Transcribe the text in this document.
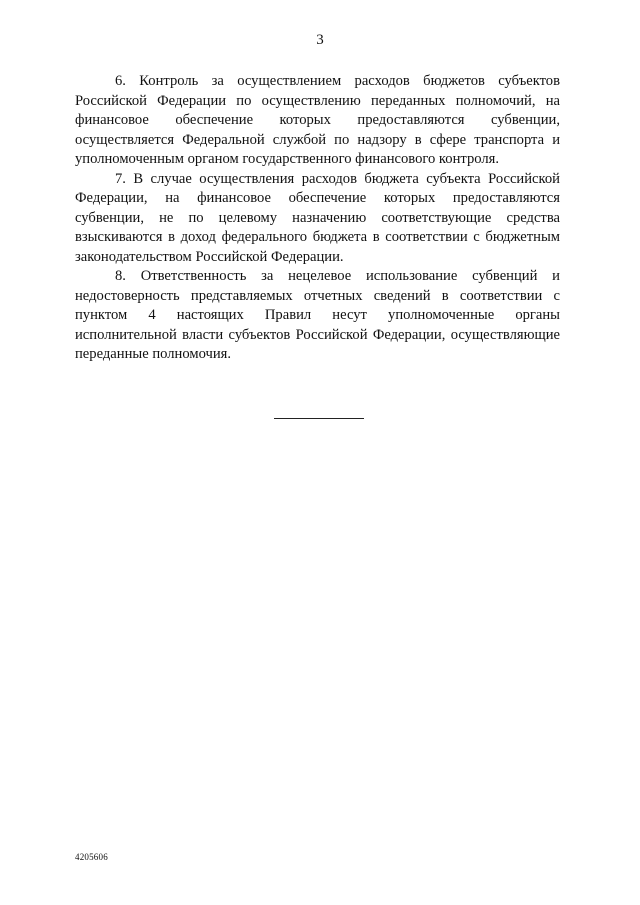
3

6. Контроль за осуществлением расходов бюджетов субъектов Российской Федерации по осуществлению переданных полномочий, на финансовое обеспечение которых предоставляются субвенции, осуществляется Федеральной службой по надзору в сфере транспорта и уполномоченным органом государственного финансового контроля.

7. В случае осуществления расходов бюджета субъекта Российской Федерации, на финансовое обеспечение которых предоставляются субвенции, не по целевому назначению соответствующие средства взыскиваются в доход федерального бюджета в соответствии с бюджетным законодательством Российской Федерации.

8. Ответственность за нецелевое использование субвенций и недостоверность представляемых отчетных сведений в соответствии с пунктом 4 настоящих Правил несут уполномоченные органы исполнительной власти субъектов Российской Федерации, осуществляющие переданные полномочия.

4205606
